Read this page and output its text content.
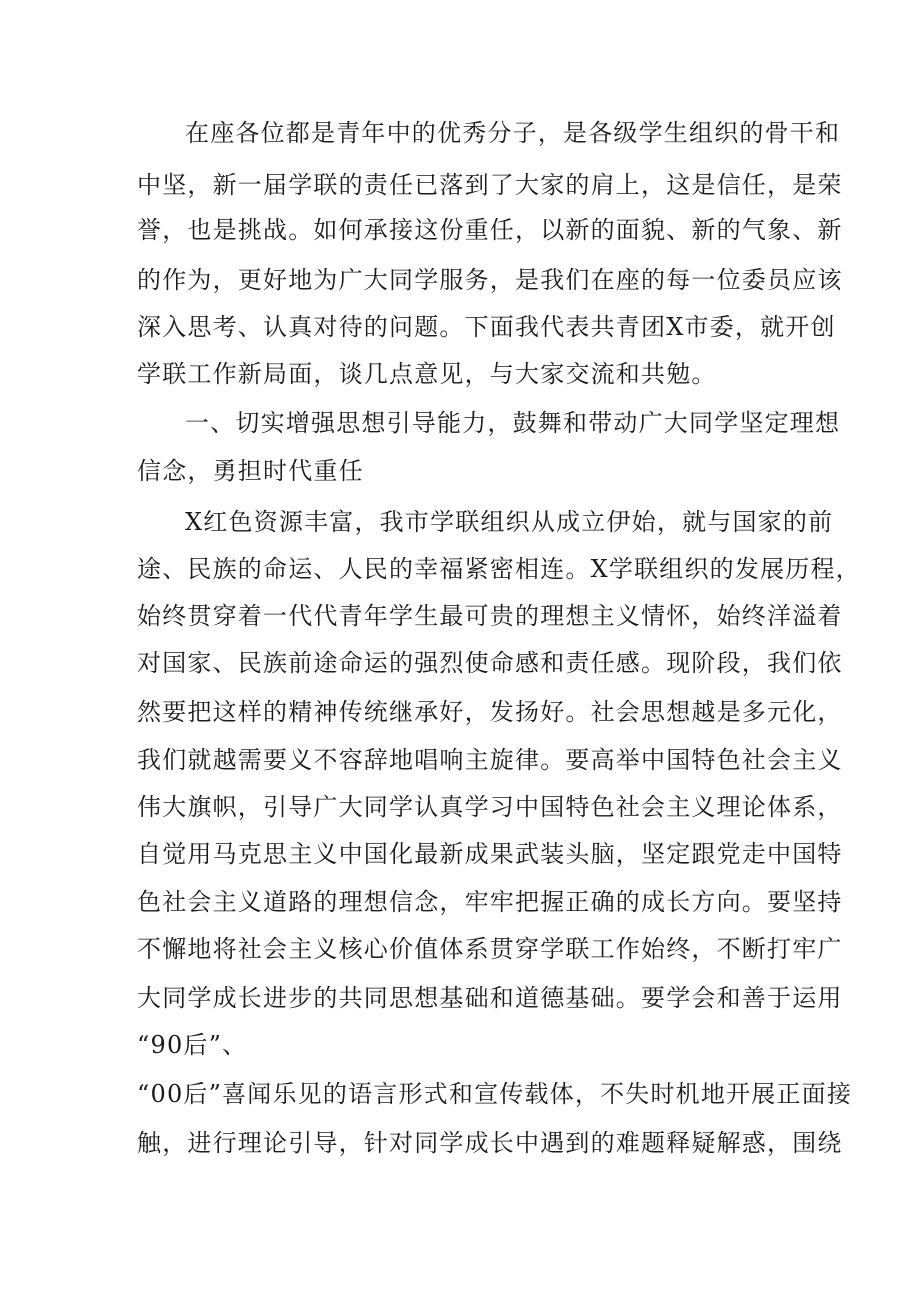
在座各位都是青年中的优秀分子，是各级学生组织的骨干和
中坚，新一届学联的责任已落到了大家的肩上，这是信任，是荣
誉，也是挑战。如何承接这份重任，以新的面貌、新的气象、新
的作为，更好地为广大同学服务，是我们在座的每一位委员应该
深入思考、认真对待的问题。下面我代表共青团X市委，就开创
学联工作新局面，谈几点意见，与大家交流和共勉。
一、切实增强思想引导能力，鼓舞和带动广大同学坚定理想
信念，勇担时代重任
X红色资源丰富，我市学联组织从成立伊始，就与国家的前
途、民族的命运、人民的幸福紧密相连。X学联组织的发展历程，
始终贯穿着一代代青年学生最可贵的理想主义情怀，始终洋溢着
对国家、民族前途命运的强烈使命感和责任感。现阶段，我们依
然要把这样的精神传统继承好，发扬好。社会思想越是多元化，
我们就越需要义不容辞地唱响主旋律。要高举中国特色社会主义
伟大旗帜，引导广大同学认真学习中国特色社会主义理论体系，
自觉用马克思主义中国化最新成果武装头脑，坚定跟党走中国特
色社会主义道路的理想信念，牢牢把握正确的成长方向。要坚持
不懈地将社会主义核心价值体系贯穿学联工作始终，不断打牢广
大同学成长进步的共同思想基础和道德基础。要学会和善于运用
“90后”、
“00后”喜闻乐见的语言形式和宣传载体，不失时机地开展正面接
触，进行理论引导，针对同学成长中遇到的难题释疑解惑，围绕
